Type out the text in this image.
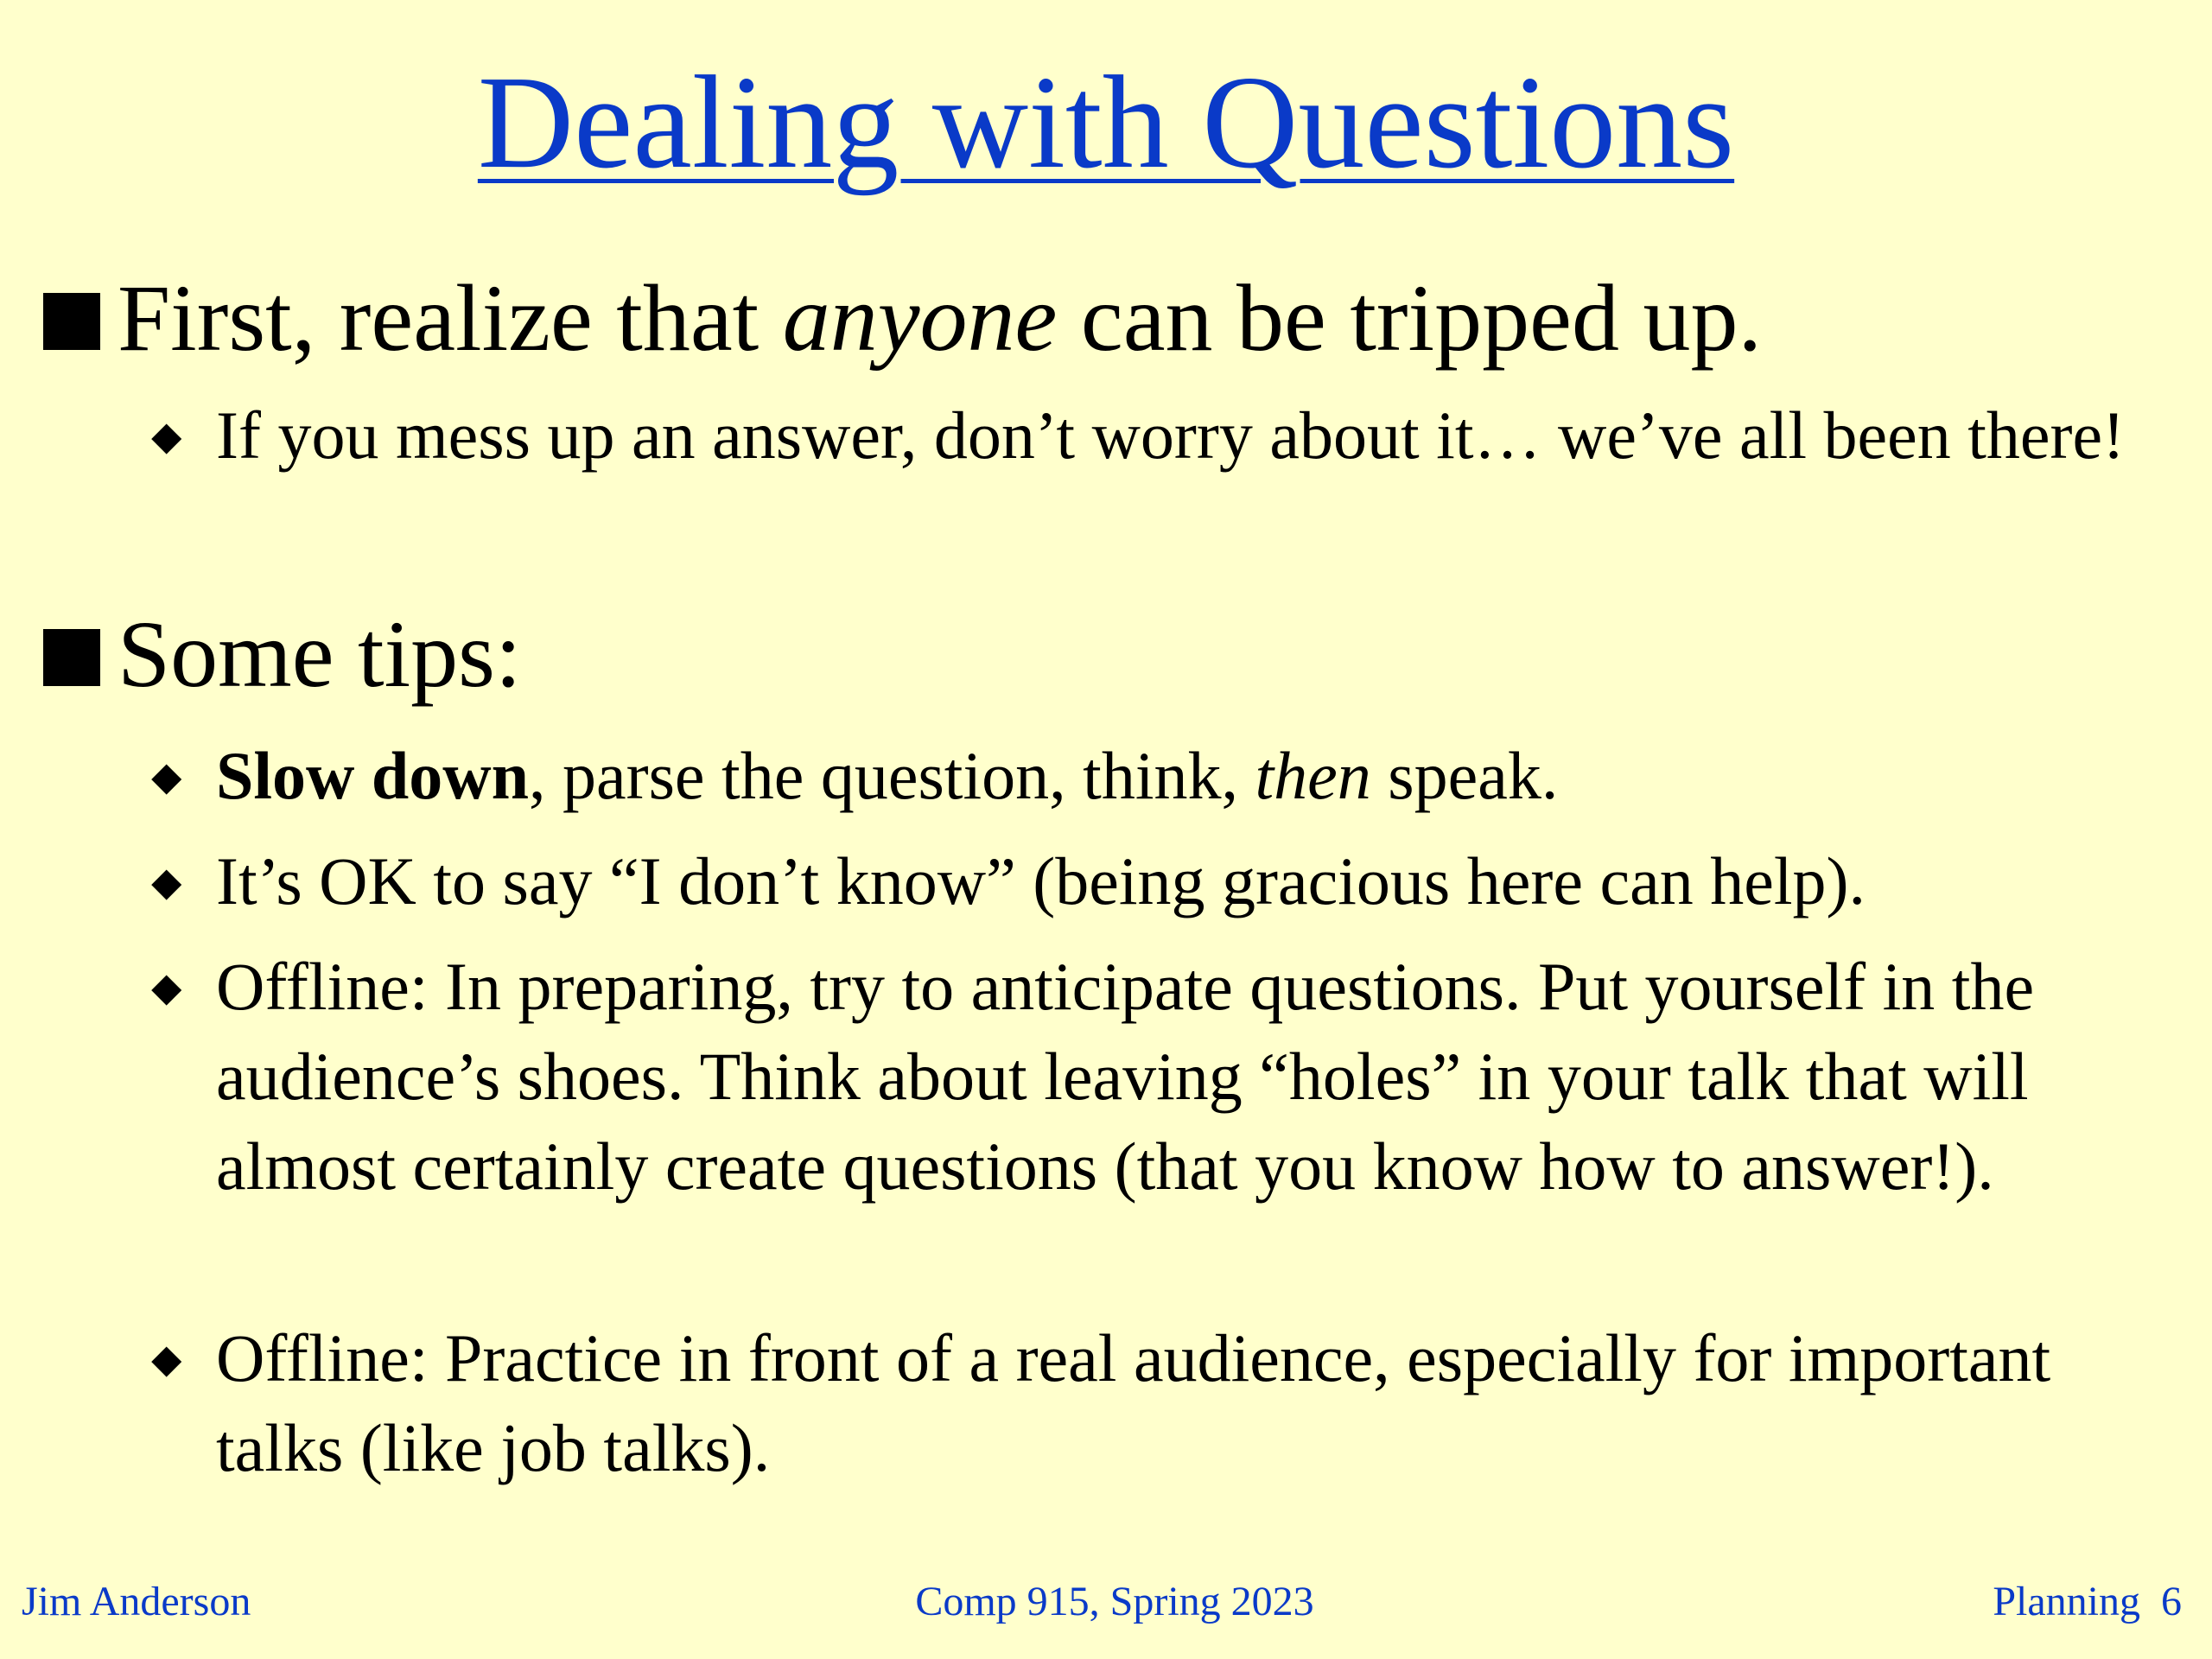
Dealing with Questions
First, realize that anyone can be tripped up.
◆ If you mess up an answer, don’t worry about it… we’ve all been there!
Some tips:
◆ Slow down, parse the question, think, then speak.
◆ It’s OK to say “I don’t know” (being gracious here can help).
◆ Offline: In preparing, try to anticipate questions. Put yourself in the audience’s shoes. Think about leaving “holes” in your talk that will almost certainly create questions (that you know how to answer!).
◆ Offline: Practice in front of a real audience, especially for important talks (like job talks).
Jim Anderson	Comp 915, Spring 2023	Planning 6
